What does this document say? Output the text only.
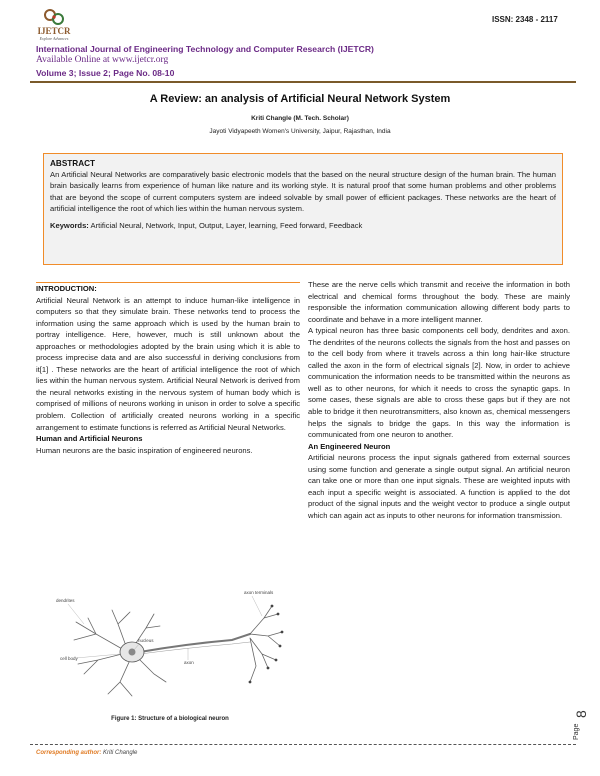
IJETCR
Explore Advances
ISSN: 2348 - 2117
International Journal of Engineering Technology and Computer Research (IJETCR)
Available Online at www.ijetcr.org
Volume 3; Issue 2; Page No. 08-10
A Review: an analysis of Artificial Neural Network System
Kriti Changle (M. Tech. Scholar)
Jayoti Vidyapeeth Women's University, Jaipur, Rajasthan, India
ABSTRACT
An Artificial Neural Networks are comparatively basic electronic models that the based on the neural structure design of the human brain. The human brain basically learns from experience of human like nature and its working style. It is natural proof that some human problems and other problems that are beyond the scope of current computers system are indeed solvable by small power of efficient packages. These networks are the heart of artificial intelligence the root of which lies within the human nervous system.
Keywords: Artificial Neural, Network, Input, Output, Layer, learning, Feed forward, Feedback

INTRODUCTION:

Artificial Neural Network is an attempt to induce human-like intelligence in computers so that they simulate brain. These networks tend to process the information using the same approach which is used by the human brain to portray intelligence. Here, however, much is still unknown about the approaches or methodologies adopted by the brain using which it is able to process imprecise data and are also successful in deriving conclusions from it[1] . These networks are the heart of artificial intelligence the root of which lies within the human nervous system. Artificial Neural Network is derived from the neural networks existing in the nervous system of human body which is comprised of millions of neurons working in unison in order to solve a specific problem. Collection of artificially created neurons working in a specific arrangement to estimate functions is referred as Artificial Neural Networks.

Human and Artificial Neurons

Human neurons are the basic inspiration of engineered neurons.

dendrites
axon terminals
nucleus
cell body
axon
Figure 1: Structure of a biological neuron

These are the nerve cells which transmit and receive the information in both electrical and chemical forms throughout the body. These are mainly responsible the information communication allowing different body parts to coordinate and behave in a more intelligent manner.

A typical neuron has three basic components cell body, dendrites and axon. The dendrites of the neurons collects the signals from the host and passes on to the cell body from where it travels across a thin long hair-like structure called the axon in the form of electrical signals [2]. Now, in order to achieve communication the information needs to be transmitted within the neurons as well as to other neurons, for which it needs to cross the synaptic gaps. In some cases, these signals are able to cross these gaps but if they are not able to bridge it then neurotransmitters, also known as, chemical messengers helps the signals to bridge the gaps. In this way the information is communicated from one neuron to another.

An Engineered Neuron

Artificial neurons process the input signals gathered from external sources using some function and generate a single output signal. An artificial neuron can take one or more than one input signals. These are weighted inputs with each input a specific weight is associated. A function is applied to the dot product of the signal inputs and the weight vector to produce a single output which can again act as inputs to other neurons for information transmission.

Page
8
Corresponding author: Kriti Changle
